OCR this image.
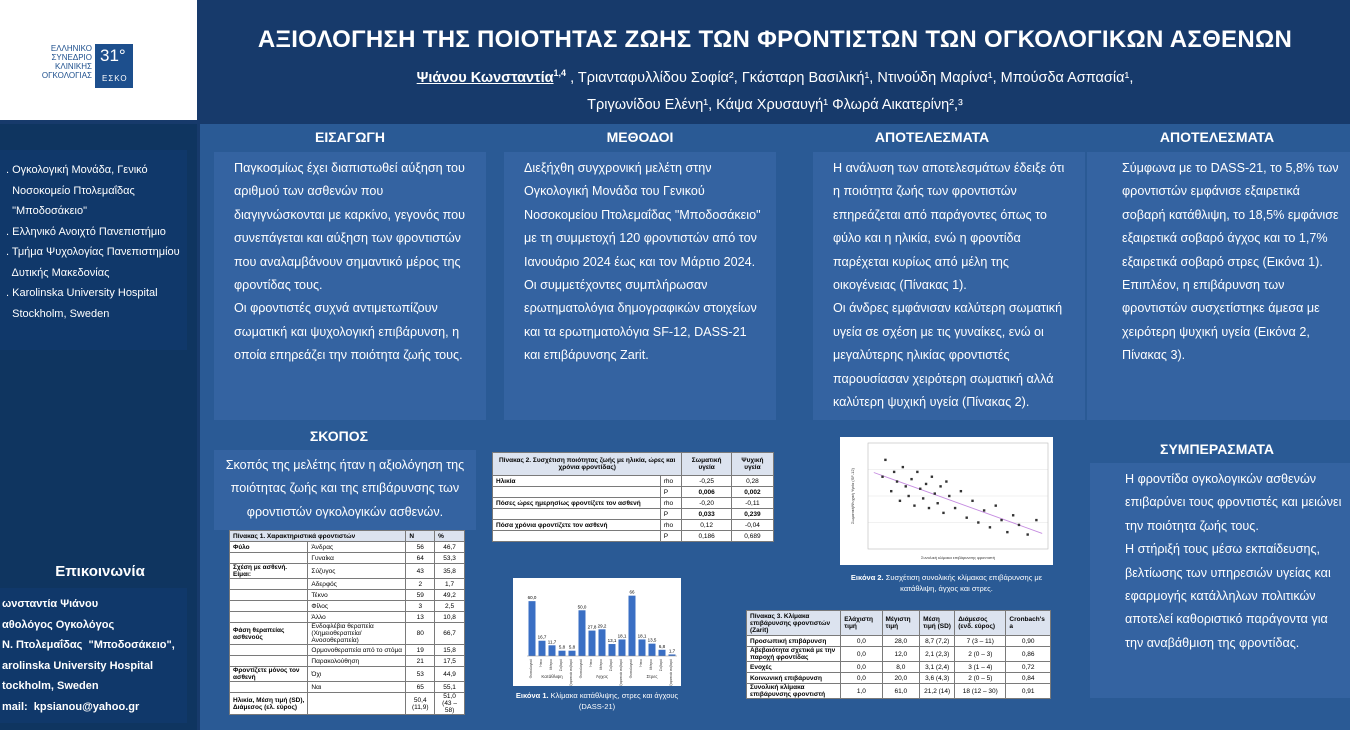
ΕΛΛΗΝΙΚΟ
ΣΥΝΕΔΡΙΟ
ΚΛΙΝΙΚΗΣ
ΟΓΚΟΛΟΓΙΑΣ
31°
ΕΣΚΟ
ΑΞΙΟΛΟΓΗΣΗ ΤΗΣ ΠΟΙΟΤΗΤΑΣ ΖΩΗΣ ΤΩΝ ΦΡΟΝΤΙΣΤΩΝ ΤΩΝ ΟΓΚΟΛΟΓΙΚΩΝ ΑΣΘΕΝΩΝ
Ψιάνου Κωνσταντία$^{1,4}$ , Τριανταφυλλίδου Σοφία², Γκάσταρη Βασιλική¹, Ντινούδη Μαρίνα¹, Μπούσδα Ασπασία¹,
Τριγωνίδου Ελένη¹, Κάψα Χρυσαυγή¹ Φλωρά Αικατερίνη²,³
. Ογκολογική Μονάδα, Γενικό
Νοσοκομείο Πτολεμαΐδας
"Μποδοσάκειο"
. Ελληνικό Ανοιχτό Πανεπιστήμιο
. Τμήμα Ψυχολογίας Πανεπιστημίου
Δυτικής Μακεδονίας
. Karolinska University Hospital
Stockholm, Sweden
Επικοινωνία
ωνσταντία Ψιάνου
αθολόγος Ογκολόγος
Ν. Πτολεμαΐδας  "Μποδοσάκειο",
arolinska University Hospital
tockholm, Sweden
mail:  kpsianou@yahoo.gr
ΕΙΣΑΓΩΓΗ

Παγκοσμίως έχει διαπιστωθεί αύξηση του αριθμού των ασθενών που διαγιγνώσκονται με καρκίνο, γεγονός που συνεπάγεται και αύξηση των φροντιστών που αναλαμβάνουν σημαντικό μέρος της φροντίδας τους.

Οι φροντιστές συχνά αντιμετωπίζουν σωματική και ψυχολογική επιβάρυνση, η οποία επηρεάζει την ποιότητα ζωής τους.

ΜΕΘΟΔΟΙ

Διεξήχθη συγχρονική μελέτη στην Ογκολογική Μονάδα του Γενικού Νοσοκομείου Πτολεμαΐδας "Μποδοσάκειο" με τη συμμετοχή 120 φροντιστών από τον Ιανουάριο 2024 έως και τον Μάρτιο 2024. Οι συμμετέχοντες συμπλήρωσαν ερωτηματολόγια δημογραφικών στοιχείων και τα ερωτηματολόγια SF-12, DASS-21 και επιβάρυνσης Zarit.

ΑΠΟΤΕΛΕΣΜΑΤΑ

Η ανάλυση των αποτελεσμάτων έδειξε ότι η ποιότητα ζωής των φροντιστών επηρεάζεται από παράγοντες όπως το φύλο και η ηλικία, ενώ η φροντίδα παρέχεται κυρίως από μέλη της οικογένειας (Πίνακας 1).

Οι άνδρες εμφάνισαν καλύτερη σωματική υγεία σε σχέση με τις γυναίκες, ενώ οι μεγαλύτερης ηλικίας φροντιστές παρουσίασαν χειρότερη σωματική αλλά καλύτερη ψυχική υγεία (Πίνακας 2).

ΑΠΟΤΕΛΕΣΜΑΤΑ

Σύμφωνα με το DASS-21, το 5,8% των φροντιστών εμφάνισε εξαιρετικά σοβαρή κατάθλιψη, το 18,5% εμφάνισε εξαιρετικά σοβαρό άγχος και το 1,7% εξαιρετικά σοβαρό στρες (Εικόνα 1). Επιπλέον, η επιβάρυνση των φροντιστών συσχετίστηκε άμεσα με χειρότερη ψυχική υγεία (Εικόνα 2, Πίνακας 3).

ΣΚΟΠΟΣ

Σκοπός της μελέτης ήταν η αξιολόγηση της ποιότητας ζωής και της επιβάρυνσης των φροντιστών ογκολογικών ασθενών.

ΣΥΜΠΕΡΑΣΜΑΤΑ

Η φροντίδα ογκολογικών ασθενών επιβαρύνει τους φροντιστές και μειώνει την ποιότητα ζωής τους.

Η στήριξή τους μέσω εκπαίδευσης, βελτίωσης των υπηρεσιών υγείας και εφαρμογής κατάλληλων πολιτικών αποτελεί καθοριστικό παράγοντα για την αναβάθμιση της φροντίδας.

Πίνακας 1. Χαρακτηριστικά φροντιστών		N	%
Φύλο	Άνδρας	56	46,7
	Γυναίκα	64	53,3
Σχέση με ασθενή. Είμαι:	Σύζυγος	43	35,8
	Αδερφός	2	1,7
	Τέκνο	59	49,2
	Φίλος	3	2,5
	Άλλο	13	10,8
Φάση θεραπείας ασθενούς	Ενδοφλέβια θεραπεία (Χημειοθεραπεία/Ανοσοθεραπεία)	80	66,7
	Ορμονοθεραπεία από το στόμα	19	15,8
	Παρακολούθηση	21	17,5
Φροντίζετε μόνος τον ασθενή	Όχι	53	44,9
	Ναι	65	55,1
Ηλικία, Μέση τιμή (SD), Διάμεσος (ελ. εύρος)		50,4 (11,9)	51,0 (43 – 58)
Πίνακας 2. Συσχέτιση ποιότητας ζωής με ηλικία, ώρες και χρόνια φροντίδας)		Σωματική υγεία	Ψυχική υγεία
Ηλικία	rho	-0,25	0,28
	P	0,006	0,002
Πόσες ώρες ημερησίως φροντίζετε τον ασθενή	rho	-0,20	-0,11
	P	0,033	0,239
Πόσα χρόνια φροντίζετε τον ασθενή	rho	0,12	-0,04
	P	0,186	0,689
60,0
Φυσιολογικό
16,7
Ήπιο
11,7
Μέτριο
5,8
Σοβαρό
5,8
Εξαιρετικά σοβαρό
50,0
Φυσιολογικό
27,8
Ήπιο
29,2
Μέτριο
13,1
Σοβαρό
18,1
Εξαιρετικά σοβαρό
66
Φυσιολογικό
18,1
Ήπιο
13,5
Μέτριο
6,8
Σοβαρό
1,7
Εξαιρετικά σοβαρό
Κατάθλιψη	Άγχος	Στρες
Εικόνα 1. Κλίμακα κατάθλιψης, στρες και άγχους (DASS-21)
Συνολική κλίμακα επιβάρυνσης φροντιστή
Σωματική/Ψυχική Υγεία (SF-12)
Εικόνα 2. Συσχέτιση συνολικής κλίμακας επιβάρυνσης με κατάθλιψη, άγχος και στρες.
Πίνακας 3. Κλίμακα επιβάρυνσης φροντιστών (Zarit)	Ελάχιστη τιμή	Μέγιστη τιμή	Μέση τιμή (SD)	Διάμεσος (ενδ. εύρος)	Cronbach's a
Προσωπική επιβάρυνση	0,0	28,0	8,7 (7,2)	7 (3 – 11)	0,90
Αβεβαιότητα σχετικά με την παροχή φροντίδας	0,0	12,0	2,1 (2,3)	2 (0 – 3)	0,86
Ενοχές	0,0	8,0	3,1 (2,4)	3 (1 – 4)	0,72
Κοινωνική επιβάρυνση	0,0	20,0	3,6 (4,3)	2 (0 – 5)	0,84
Συνολική κλίμακα επιβάρυνσης φροντιστή	1,0	61,0	21,2 (14)	18 (12 – 30)	0,91
